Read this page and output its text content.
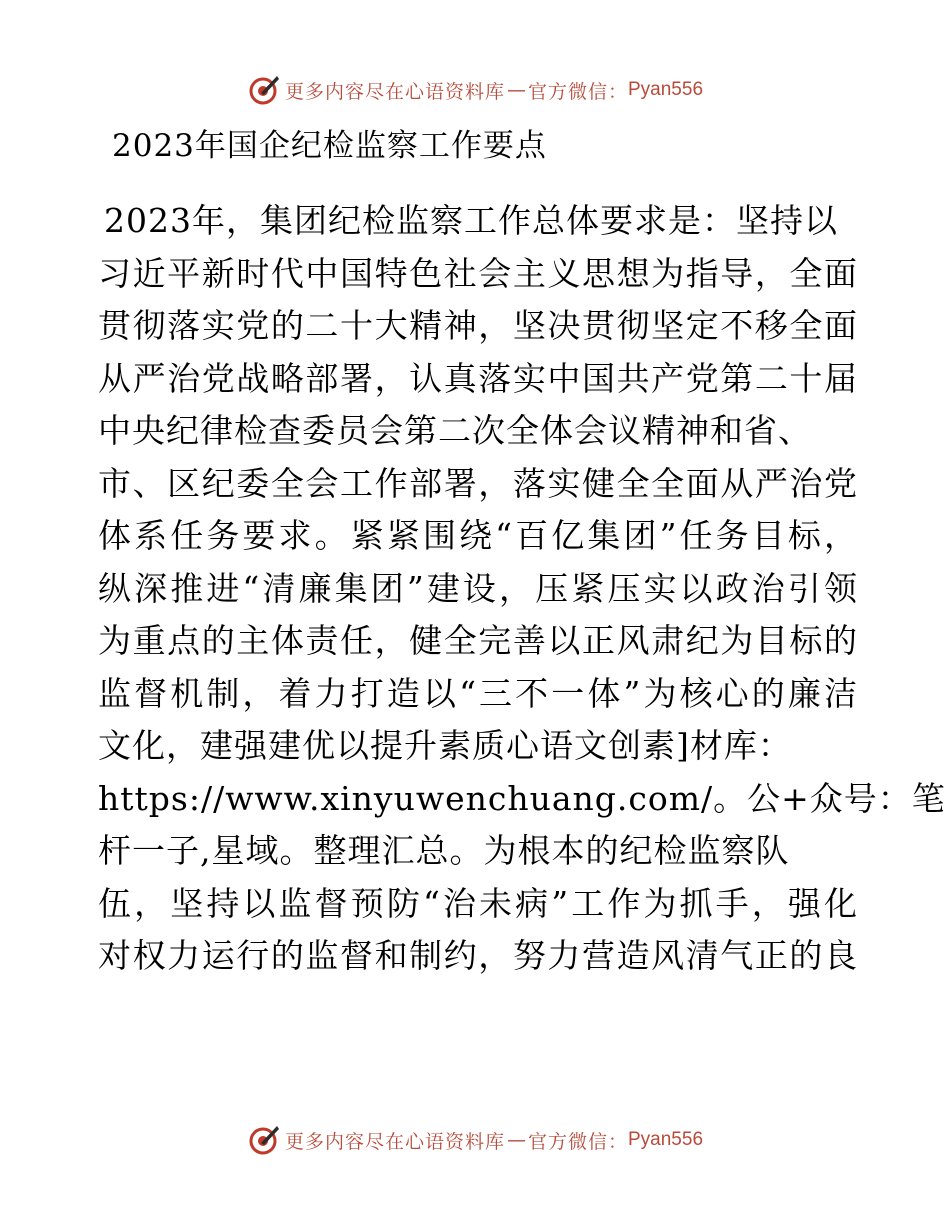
更多内容尽在心语资料库 — 官方微信： Pyan556
2023年国企纪检监察工作要点
2023年，集团纪检监察工作总体要求是：坚持以
习近平新时代中国特色社会主义思想为指导，全面
贯彻落实党的二十大精神，坚决贯彻坚定不移全面
从严治党战略部署，认真落实中国共产党第二十届
中央纪律检查委员会第二次全体会议精神和省、
市、区纪委全会工作部署，落实健全全面从严治党
体系任务要求。紧紧围绕“百亿集团”任务目标，
纵深推进“清廉集团”建设，压紧压实以政治引领
为重点的主体责任，健全完善以正风肃纪为目标的
监督机制，着力打造以“三不一体”为核心的廉洁
文化，建强建优以提升素质心语文创素]材库：
https://www.xinyuwenchuang.com/。公+众号：笔
杆一子,星域。整理汇总。为根本的纪检监察队
伍，坚持以监督预防“治未病”工作为抓手，强化
对权力运行的监督和制约，努力营造风清气正的良
更多内容尽在心语资料库 — 官方微信： Pyan556
